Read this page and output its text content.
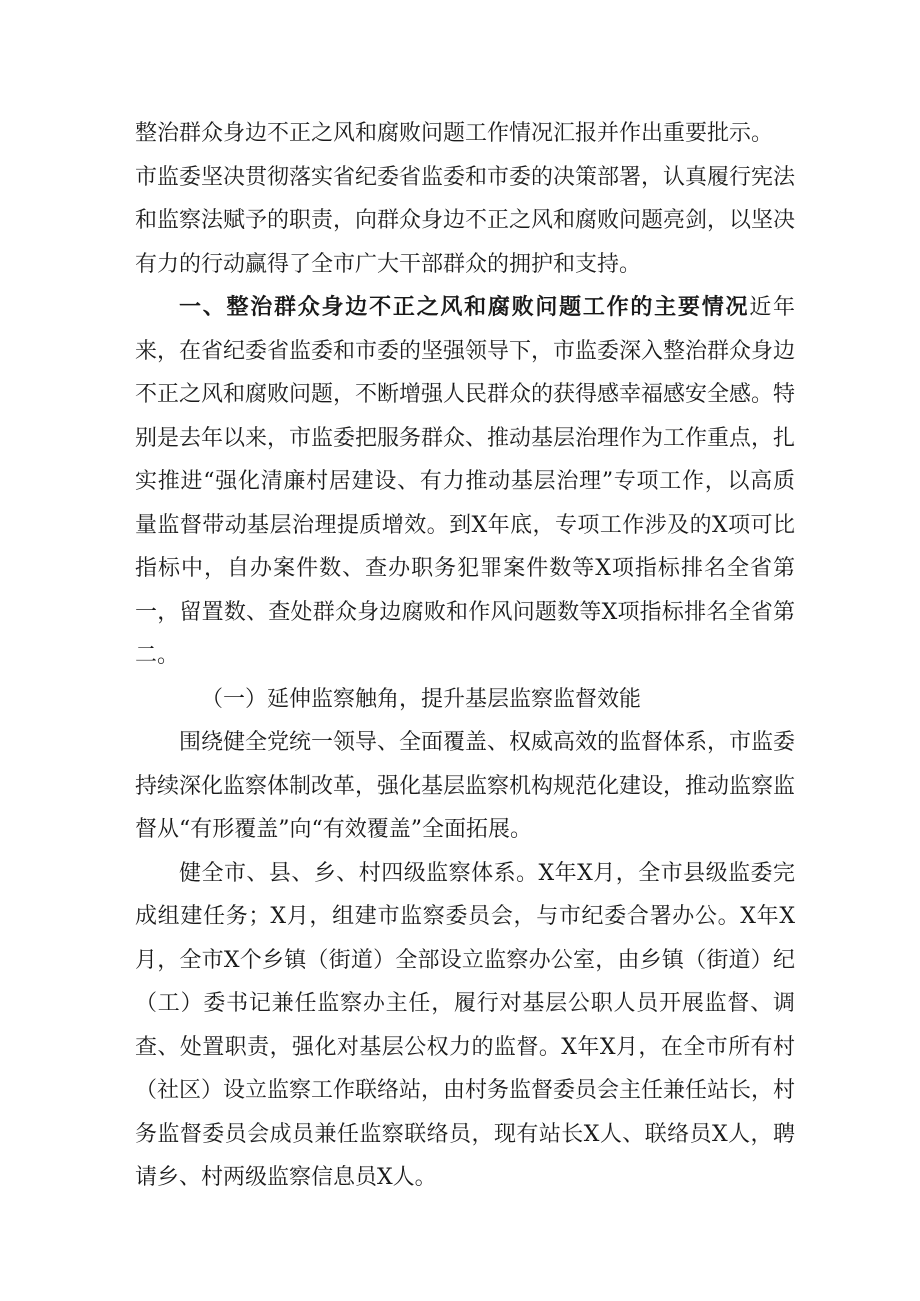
整治群众身边不正之风和腐败问题工作情况汇报并作出重要批示。

市监委坚决贯彻落实省纪委省监委和市委的决策部署，认真履行宪法和监察法赋予的职责，向群众身边不正之风和腐败问题亮剑，以坚决有力的行动赢得了全市广大干部群众的拥护和支持。

一、整治群众身边不正之风和腐败问题工作的主要情况近年来，在省纪委省监委和市委的坚强领导下，市监委深入整治群众身边不正之风和腐败问题，不断增强人民群众的获得感幸福感安全感。特别是去年以来，市监委把服务群众、推动基层治理作为工作重点，扎实推进“强化清廉村居建设、有力推动基层治理”专项工作，以高质量监督带动基层治理提质增效。到X年底，专项工作涉及的X项可比指标中，自办案件数、查办职务犯罪案件数等X项指标排名全省第一，留置数、查处群众身边腐败和作风问题数等X项指标排名全省第二。

（一）延伸监察触角，提升基层监察监督效能

围绕健全党统一领导、全面覆盖、权威高效的监督体系，市监委持续深化监察体制改革，强化基层监察机构规范化建设，推动监察监督从“有形覆盖”向“有效覆盖”全面拓展。

健全市、县、乡、村四级监察体系。X年X月，全市县级监委完成组建任务；X月，组建市监察委员会，与市纪委合署办公。X年X月，全市X个乡镇（街道）全部设立监察办公室，由乡镇（街道）纪（工）委书记兼任监察办主任，履行对基层公职人员开展监督、调查、处置职责，强化对基层公权力的监督。X年X月，在全市所有村（社区）设立监察工作联络站，由村务监督委员会主任兼任站长，村务监督委员会成员兼任监察联络员，现有站长X人、联络员X人，聘请乡、村两级监察信息员X人。
